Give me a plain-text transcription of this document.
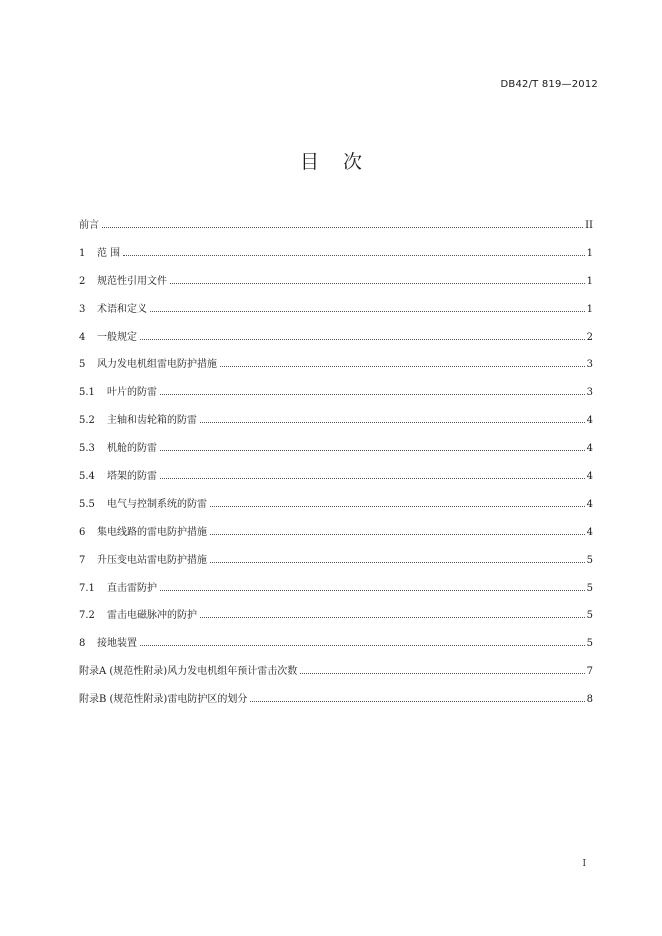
DB42/T 819—2012
目次
前言	II
1	范 围	1
2	规范性引用文件	1
3	术语和定义	1
4	一般规定	2
5	风力发电机组雷电防护措施	3
5.1	叶片的防雷	3
5.2	主轴和齿轮箱的防雷	4
5.3	机舱的防雷	4
5.4	塔架的防雷	4
5.5	电气与控制系统的防雷	4
6	集电线路的雷电防护措施	4
7	升压变电站雷电防护措施	5
7.1	直击雷防护	5
7.2	雷击电磁脉冲的防护	5
8	接地装置	5
附录A (规范性附录)风力发电机组年预计雷击次数	7
附录B (规范性附录)雷电防护区的划分	8
I
